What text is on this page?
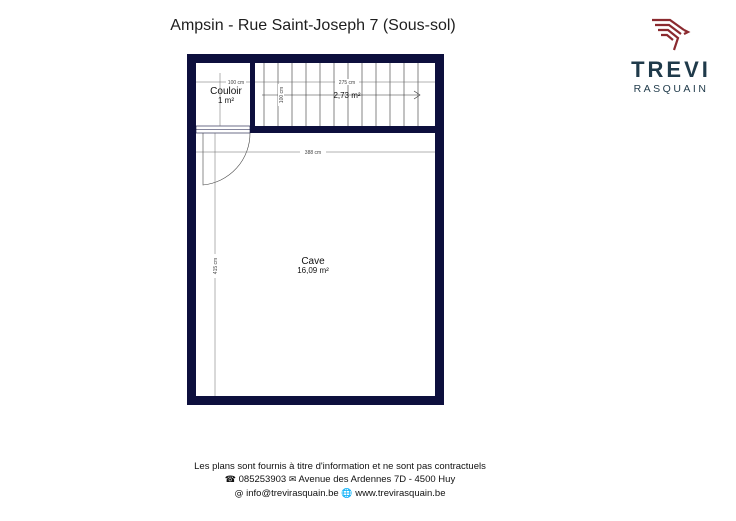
Ampsin - Rue Saint-Joseph 7 (Sous-sol)
TREVI
RASQUAIN
100 cm
100 cm
275 cm
388 cm
415 cm
Couloir
1 m²
2,73 m²
Cave
16,09 m²
Les plans sont fournis à titre d'information et ne sont pas contractuels
☎ 085253903 ✉ Avenue des Ardennes 7D - 4500 Huy
@ info@trevirasquain.be 🌐 www.trevirasquain.be
